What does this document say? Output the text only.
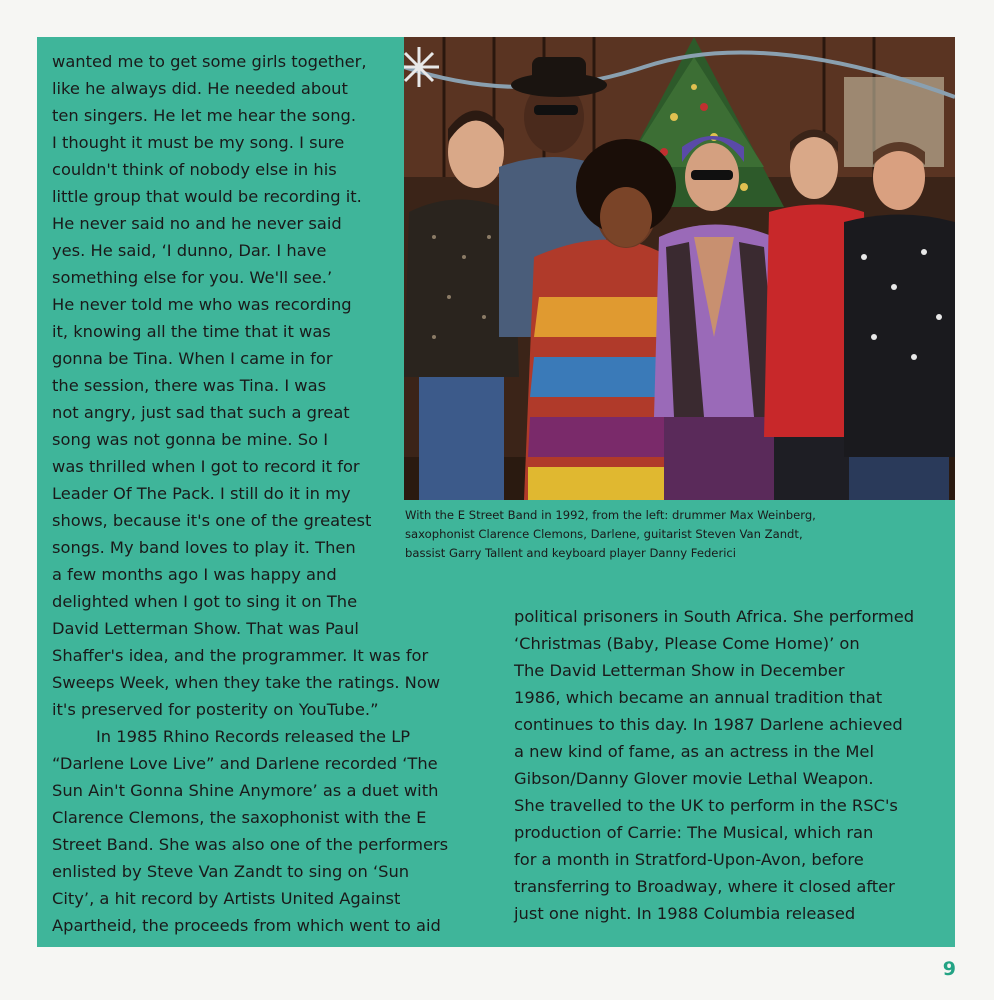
wanted me to get some girls together,
like he always did. He needed about
ten singers. He let me hear the song.
I thought it must be my song. I sure
couldn't think of nobody else in his
little group that would be recording it.
He never said no and he never said
yes. He said, ‘I dunno, Dar. I have
something else for you. We'll see.’
He never told me who was recording
it, knowing all the time that it was
gonna be Tina. When I came in for
the session, there was Tina. I was
not angry, just sad that such a great
song was not gonna be mine. So I
was thrilled when I got to record it for
Leader Of The Pack. I still do it in my
shows, because it's one of the greatest
songs. My band loves to play it. Then
a few months ago I was happy and
delighted when I got to sing it on The
David Letterman Show. That was Paul
Shaffer's idea, and the programmer. It was for
Sweeps Week, when they take the ratings. Now
it's preserved for posterity on YouTube.”
In 1985 Rhino Records released the LP
“Darlene Love Live” and Darlene recorded ‘The
Sun Ain't Gonna Shine Anymore’ as a duet with
Clarence Clemons, the saxophonist with the E
Street Band. She was also one of the performers
enlisted by Steve Van Zandt to sing on ‘Sun
City’, a hit record by Artists United Against
Apartheid, the proceeds from which went to aid
With the E Street Band in 1992, from the left: drummer Max Weinberg,
saxophonist Clarence Clemons, Darlene, guitarist Steven Van Zandt,
bassist Garry Tallent and keyboard player Danny Federici
political prisoners in South Africa. She performed
‘Christmas (Baby, Please Come Home)’ on
The David Letterman Show in December
1986, which became an annual tradition that
continues to this day. In 1987 Darlene achieved
a new kind of fame, as an actress in the Mel
Gibson/Danny Glover movie Lethal Weapon.
She travelled to the UK to perform in the RSC's
production of Carrie: The Musical, which ran
for a month in Stratford-Upon-Avon, before
transferring to Broadway, where it closed after
just one night. In 1988 Columbia released
9
